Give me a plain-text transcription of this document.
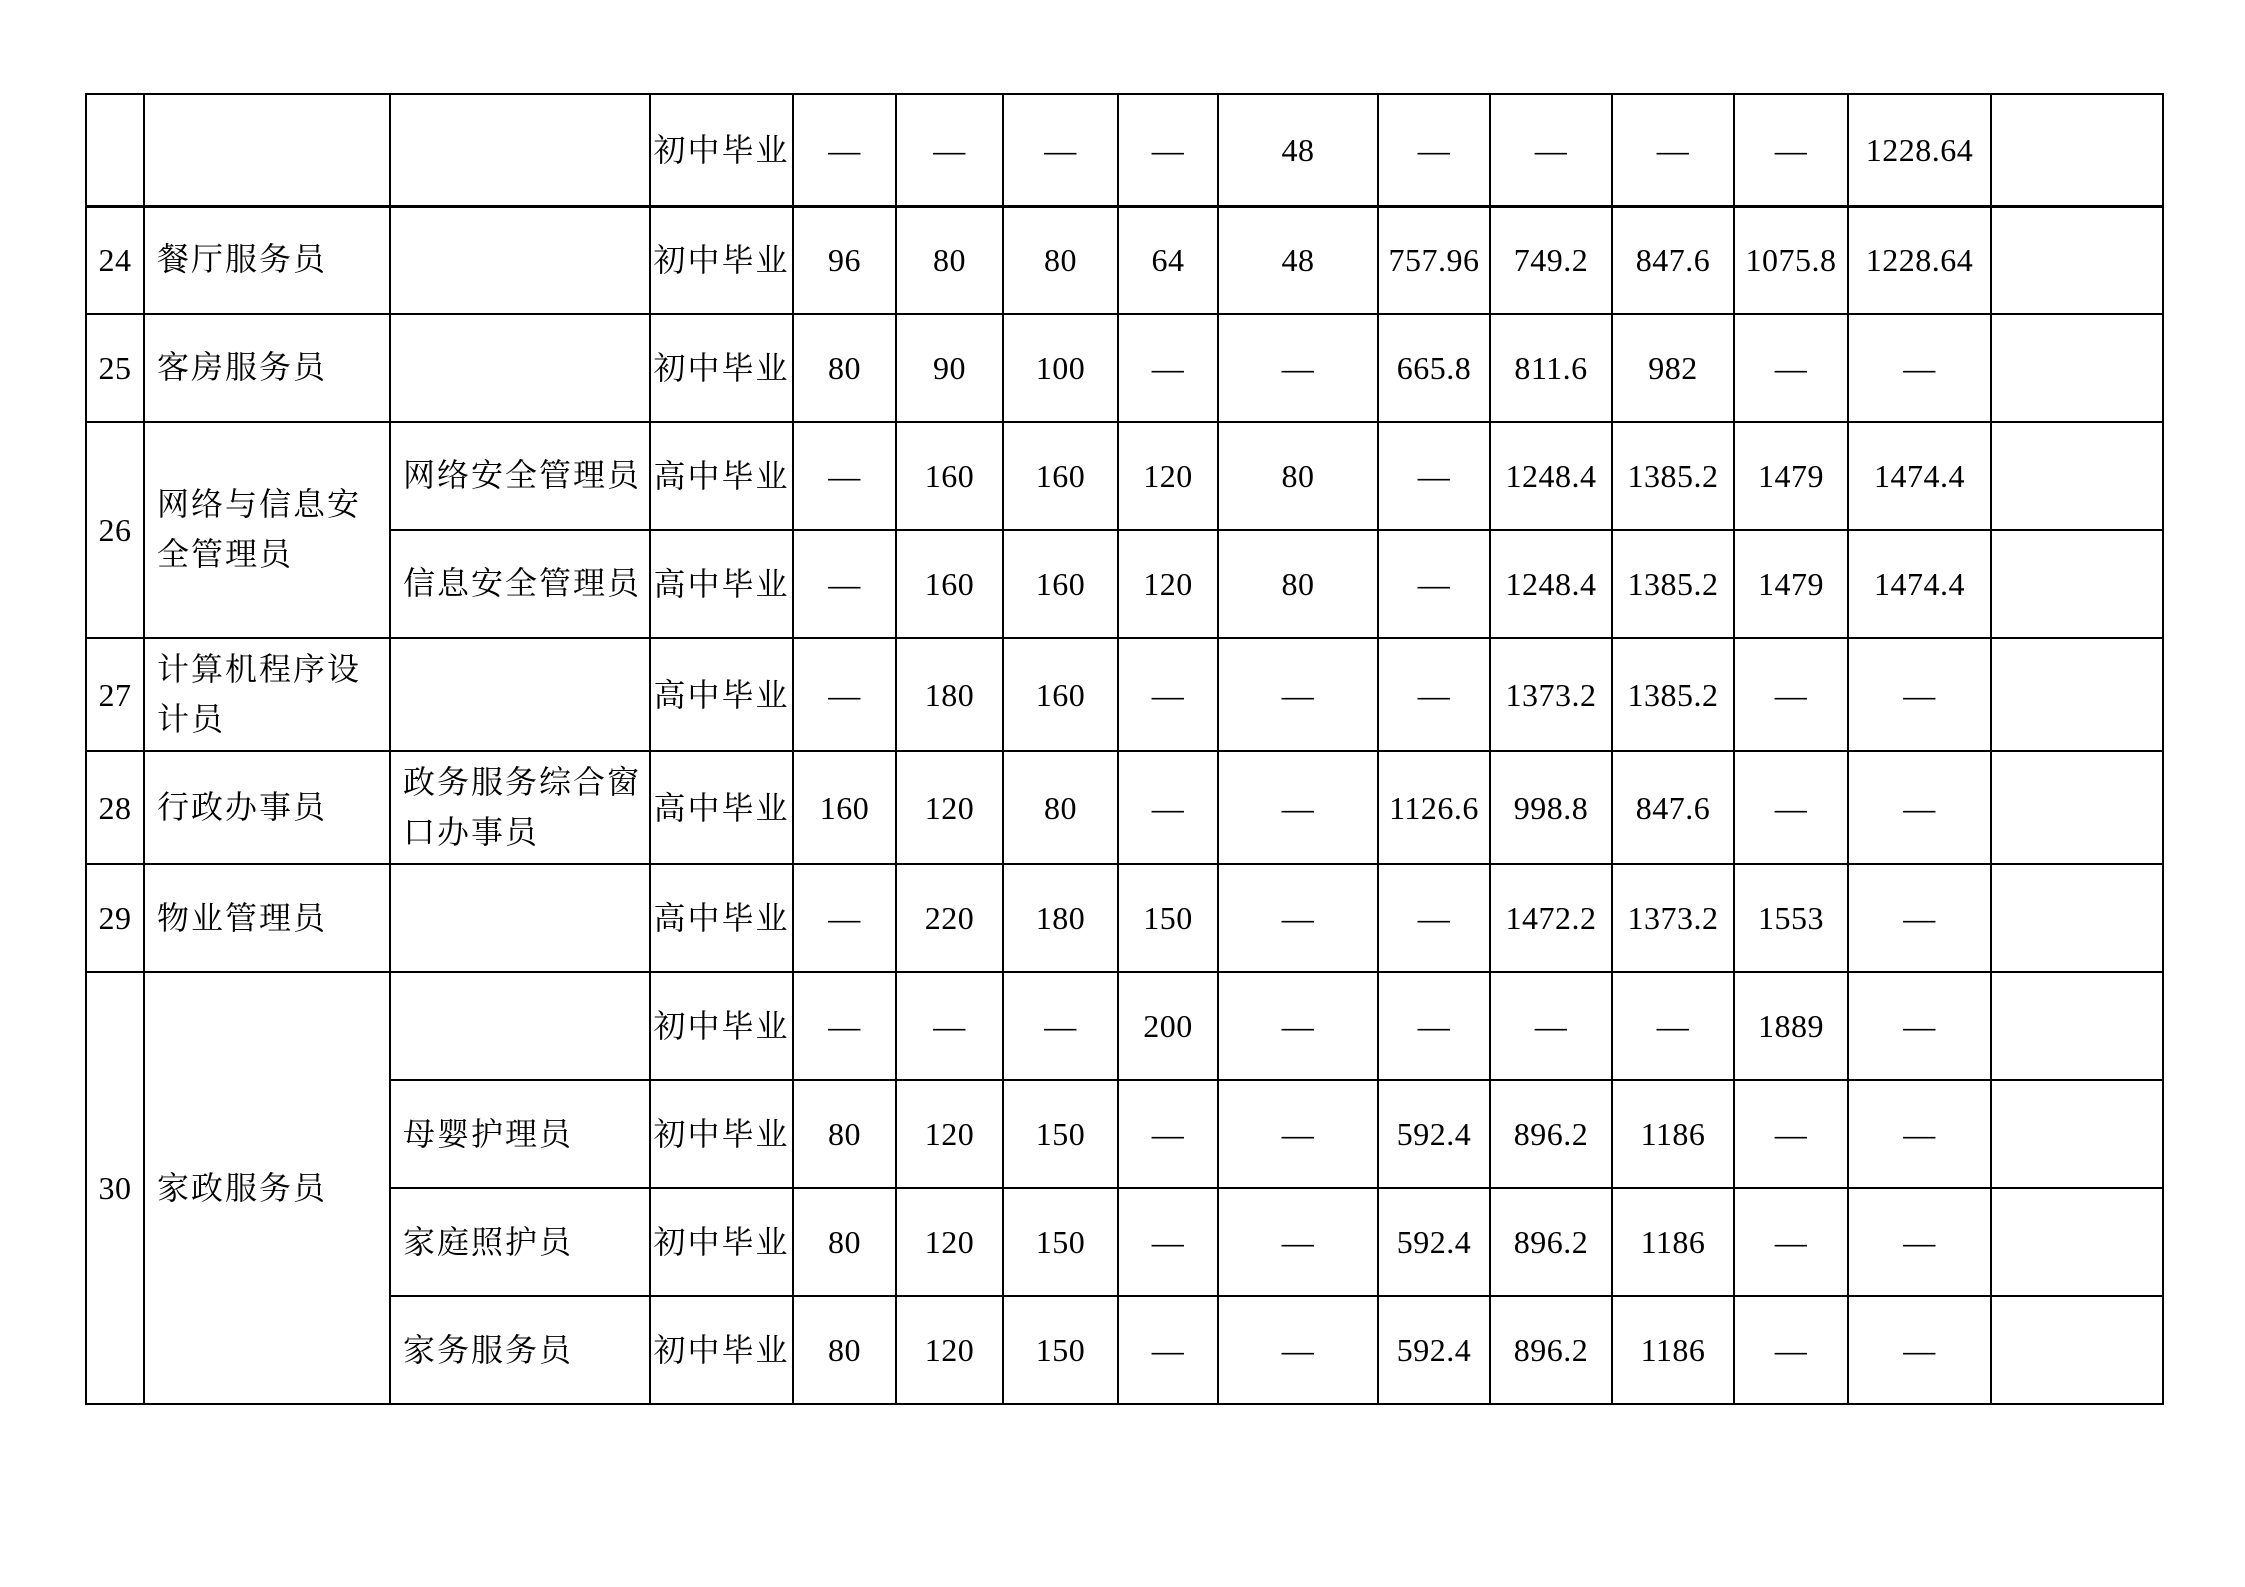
			初中毕业	—	—	—	—	48	—	—	—	—	1228.64	
24	餐厅服务员		初中毕业	96	80	80	64	48	757.96	749.2	847.6	1075.8	1228.64	
25	客房服务员		初中毕业	80	90	100	—	—	665.8	811.6	982	—	—	
26	网络与信息安全管理员	网络安全管理员	高中毕业	—	160	160	120	80	—	1248.4	1385.2	1479	1474.4	
		信息安全管理员	高中毕业	—	160	160	120	80	—	1248.4	1385.2	1479	1474.4	
27	计算机程序设计员		高中毕业	—	180	160	—	—	—	1373.2	1385.2	—	—	
28	行政办事员	政务服务综合窗口办事员	高中毕业	160	120	80	—	—	1126.6	998.8	847.6	—	—	
29	物业管理员		高中毕业	—	220	180	150	—	—	1472.2	1373.2	1553	—	
30	家政服务员		初中毕业	—	—	—	200	—	—	—	—	1889	—	
		母婴护理员	初中毕业	80	120	150	—	—	592.4	896.2	1186	—	—	
		家庭照护员	初中毕业	80	120	150	—	—	592.4	896.2	1186	—	—	
		家务服务员	初中毕业	80	120	150	—	—	592.4	896.2	1186	—	—	
